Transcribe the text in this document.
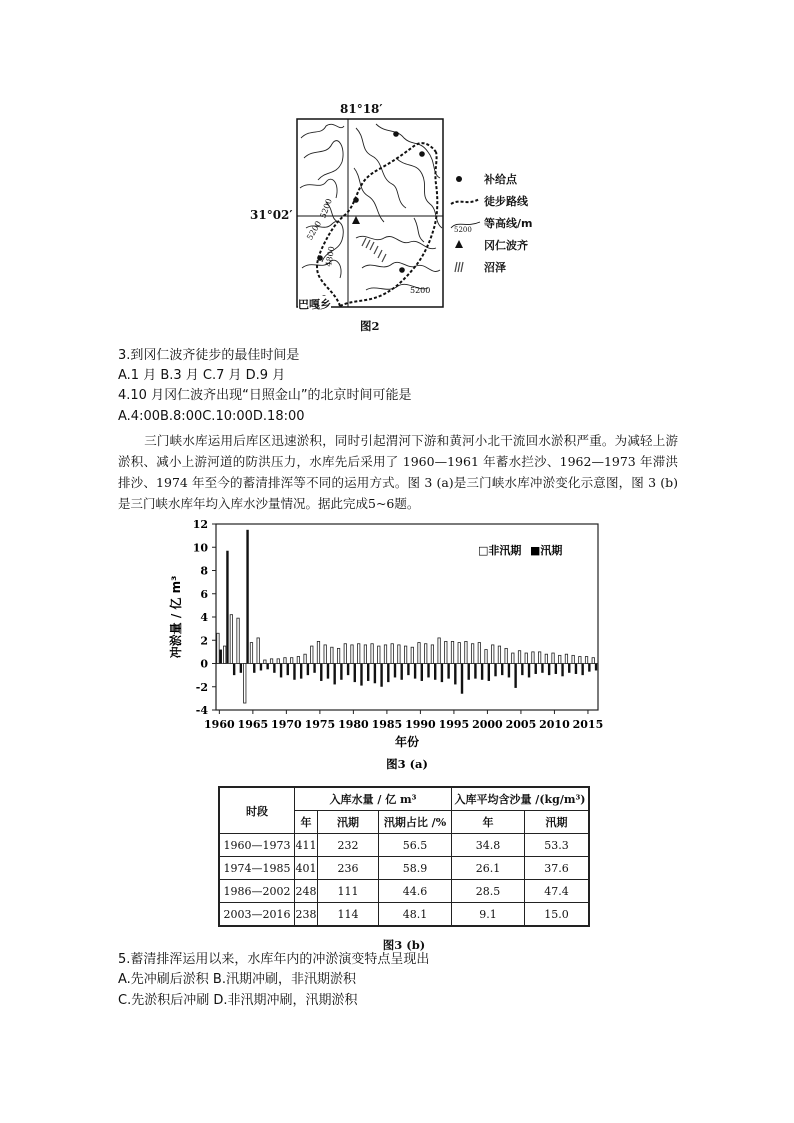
81°18′
31°02′	5200
5200
4800
5200
巴嘎乡
补给点
徒步路线
5200 等高线/m
冈仁波齐
沼泽
图2
3.到冈仁波齐徒步的最佳时间是
A.1 月 B.3 月 C.7 月 D.9 月
4.10 月冈仁波齐出现“日照金山”的北京时间可能是
A.4:00B.8:00C.10:00D.18:00
三门峡水库运用后库区迅速淤积，同时引起渭河下游和黄河小北干流回水淤积严重。为减轻上游淤积、减小上游河道的防洪压力，水库先后采用了 1960—1961 年蓄水拦沙、1962—1973 年滞洪排沙、1974 年至今的蓄清排浑等不同的运用方式。图 3 (a)是三门峡水库冲淤变化示意图，图 3 (b)是三门峡水库年均入库水沙量情况。据此完成5~6题。
12
10
8
6
4
2
0
-2
-4
1960 1965 1970 1975 1980 1985 1990 1995 2000 2005 2010 2015
年份
冲淤量 / 亿 m³
□非汛期 ■汛期
图3 (a)
时段	入库水量 / 亿 m³			入库平均含沙量 /(kg/m³)	
	年	汛期	汛期占比 /%	年	汛期
1960—1973	411	232	56.5	34.8	53.3
1974—1985	401	236	58.9	26.1	37.6
1986—2002	248	111	44.6	28.5	47.4
2003—2016	238	114	48.1	9.1	15.0
图3 (b)
5.蓄清排浑运用以来，水库年内的冲淤演变特点呈现出
A.先冲刷后淤积 B.汛期冲刷，非汛期淤积
C.先淤积后冲刷 D.非汛期冲刷，汛期淤积
